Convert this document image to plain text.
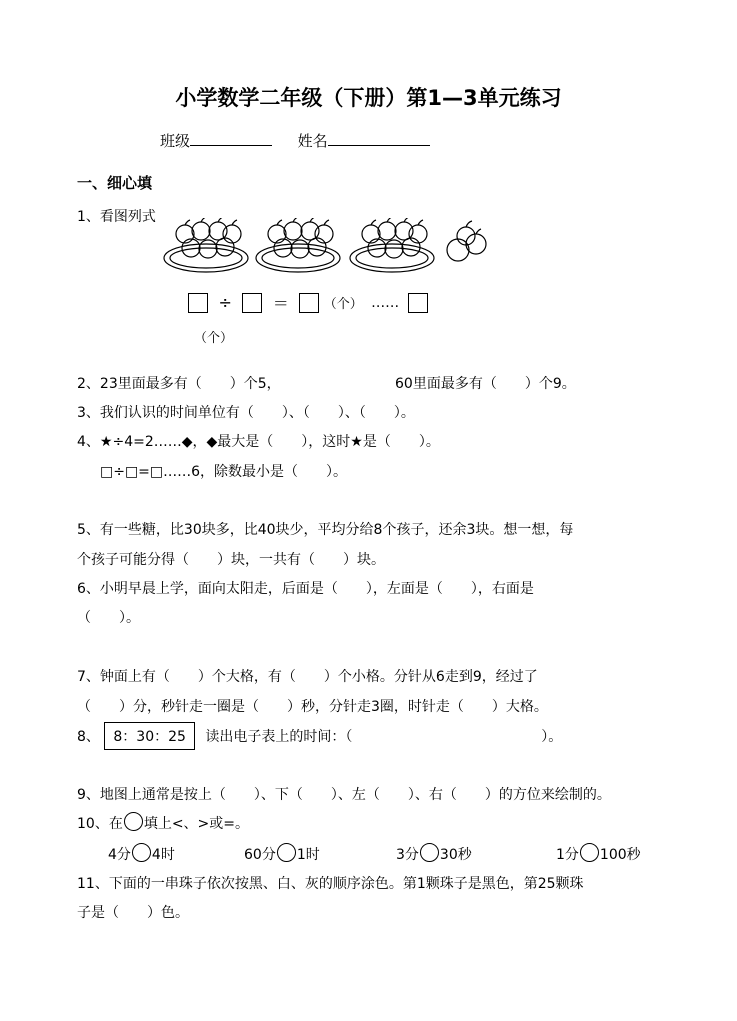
小学数学二年级（下册）第1—3单元练习
班级	姓名
一、细心填
1、看图列式
÷	＝	（个） ……
（个）
2、23里面最多有（　　）个5，	60里面最多有（　　）个9。
3、我们认识的时间单位有（　　）、（　　）、（　　）。
4、★÷4=2……◆，◆最大是（　　），这时★是（　　）。
□÷□=□……6，除数最小是（　　）。
5、有一些糖，比30块多，比40块少，平均分给8个孩子，还余3块。想一想，每
个孩子可能分得（　　）块，一共有（　　）块。
6、小明早晨上学，面向太阳走，后面是（　　），左面是（　　），右面是
（　　）。
7、钟面上有（　　）个大格，有（　　）个小格。分针从6走到9，经过了
（　　）分，秒针走一圈是（　　）秒，分针走3圈，时针走（　　）大格。
8、 8：30：25 读出电子表上的时间：（	）。
9、地图上通常是按上（　　）、下（　　）、左（　　）、右（　　）的方位来绘制的。
10、在 填上<、>或=。
4分 4时	60分 1时	3分 30秒	1分 100秒
11、下面的一串珠子依次按黑、白、灰的顺序涂色。第1颗珠子是黑色，第25颗珠
子是（　　）色。
